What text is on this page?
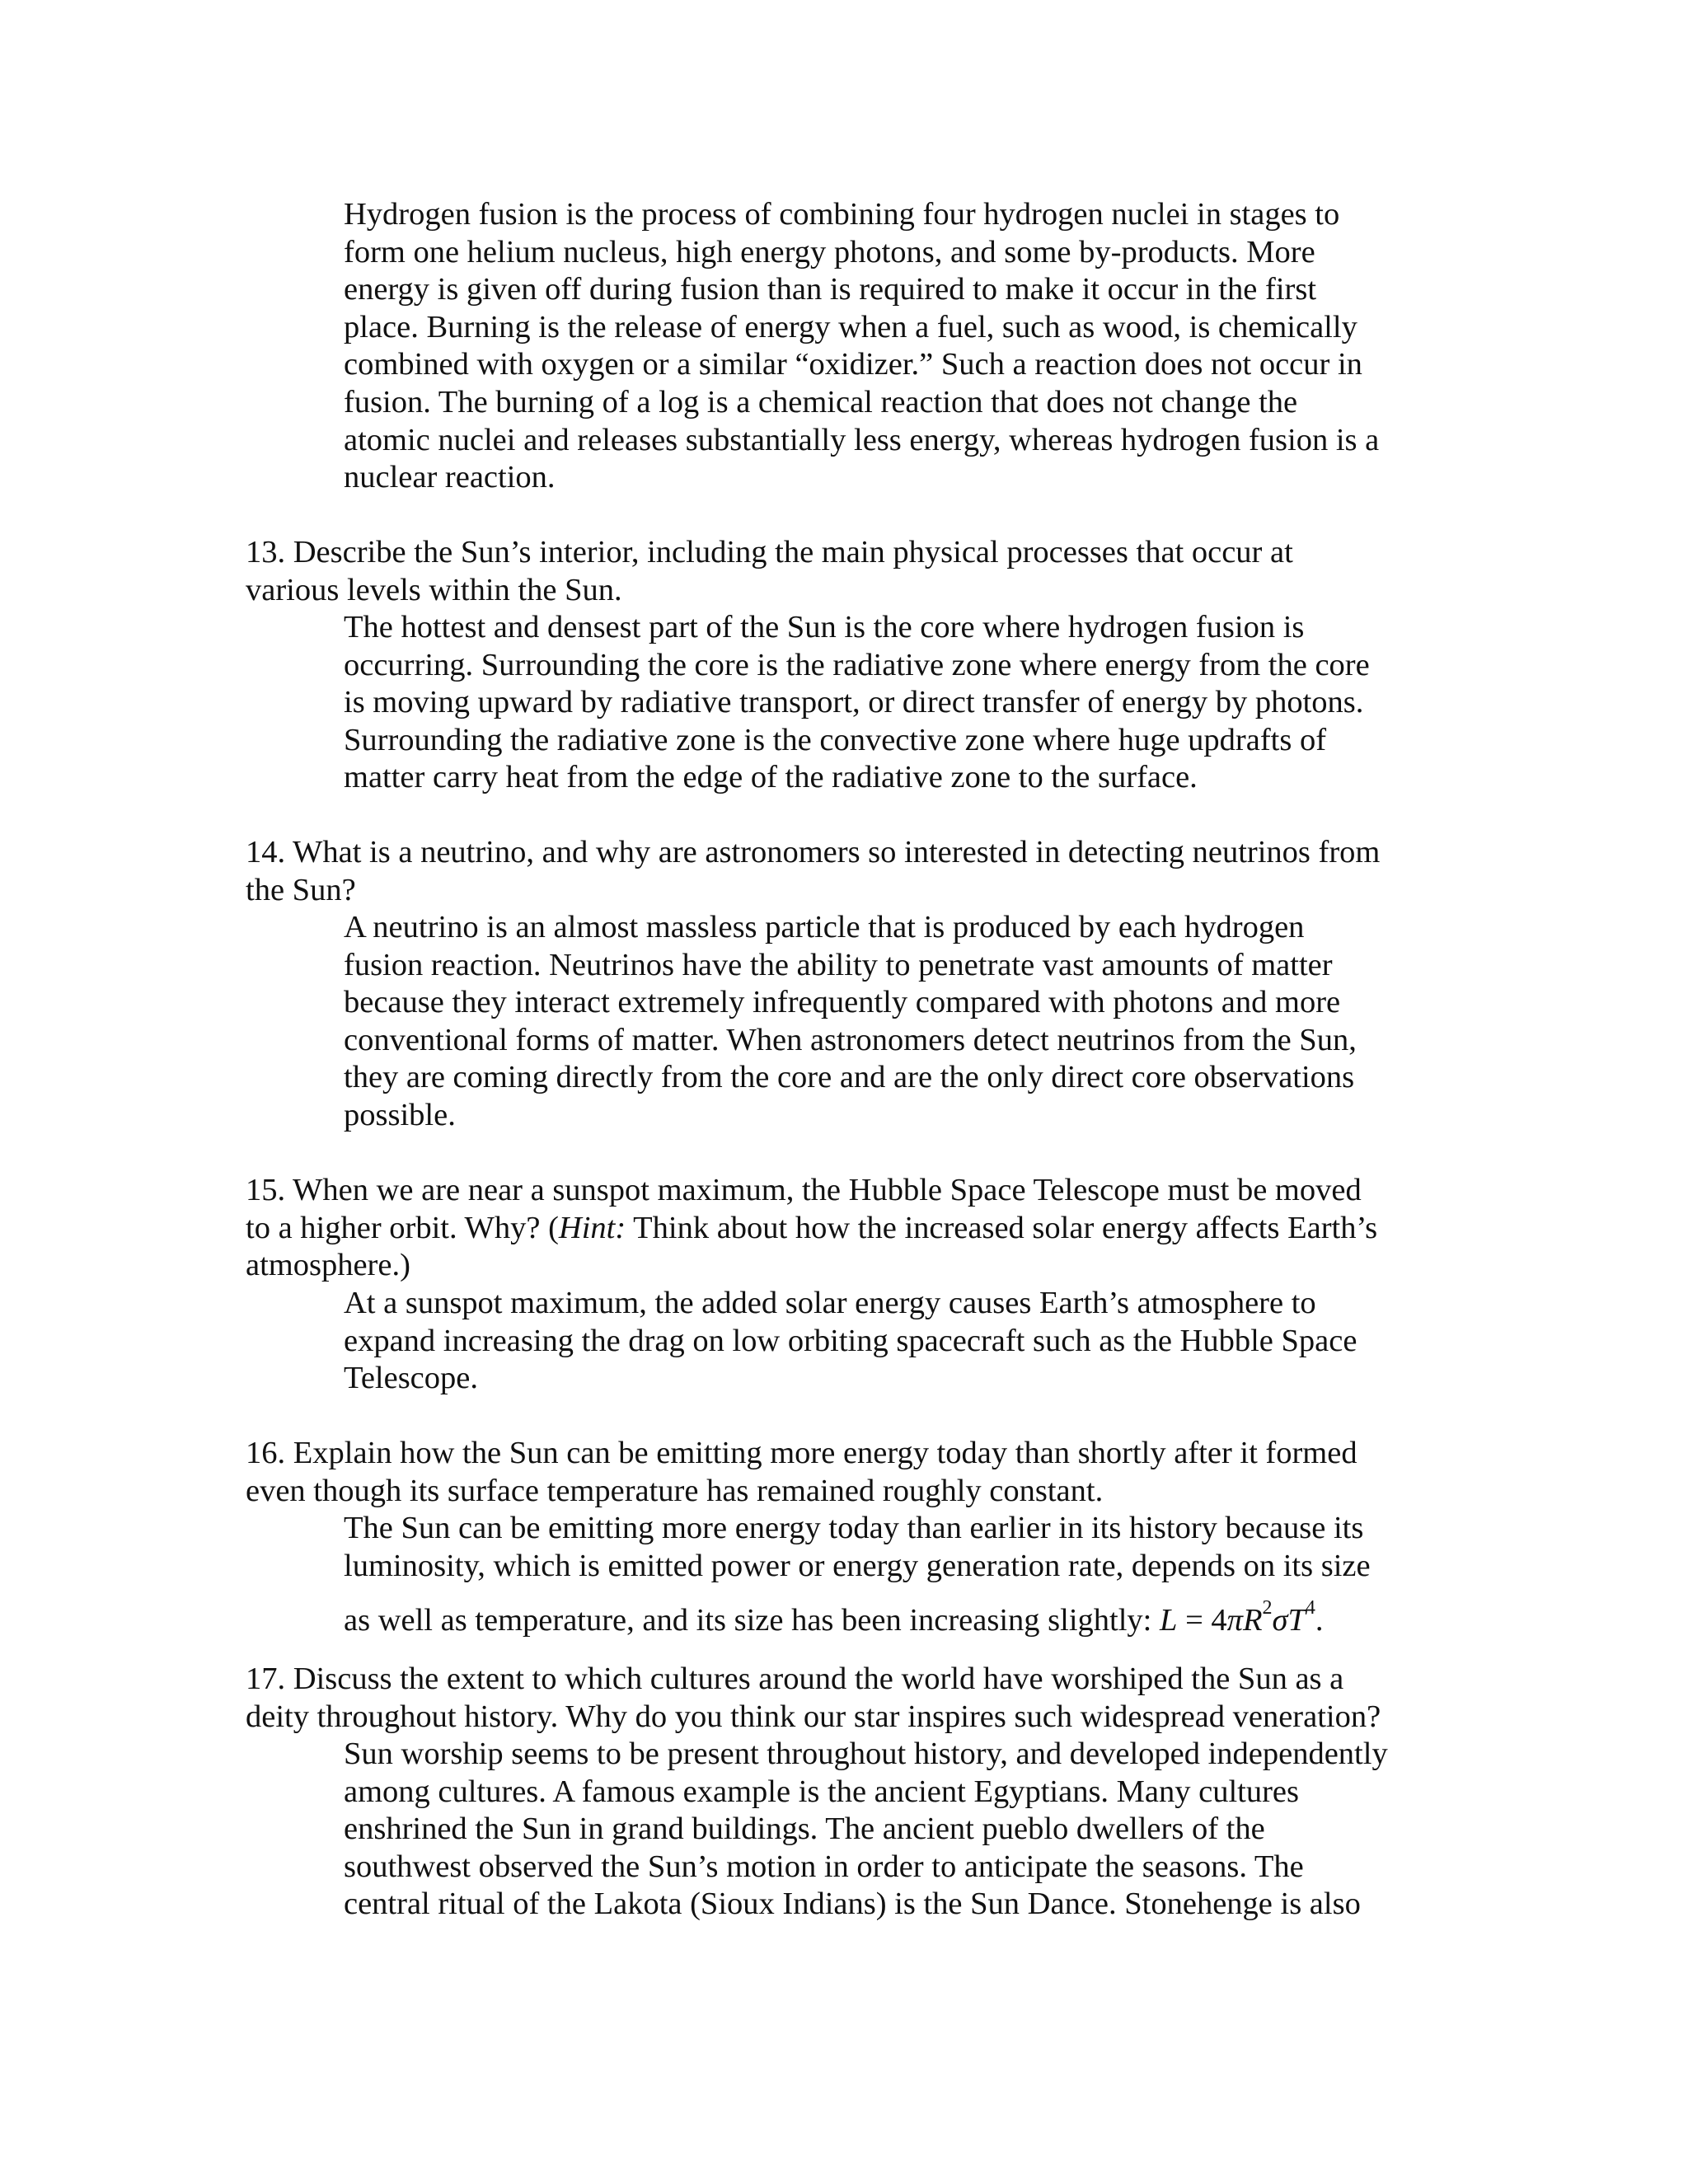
Hydrogen fusion is the process of combining four hydrogen nuclei in stages to
form one helium nucleus, high energy photons, and some by-products. More
energy is given off during fusion than is required to make it occur in the first
place. Burning is the release of energy when a fuel, such as wood, is chemically
combined with oxygen or a similar “oxidizer.” Such a reaction does not occur in
fusion. The burning of a log is a chemical reaction that does not change the
atomic nuclei and releases substantially less energy, whereas hydrogen fusion is a
nuclear reaction.

13. Describe the Sun’s interior, including the main physical processes that occur at
various levels within the Sun.

The hottest and densest part of the Sun is the core where hydrogen fusion is
occurring. Surrounding the core is the radiative zone where energy from the core
is moving upward by radiative transport, or direct transfer of energy by photons.
Surrounding the radiative zone is the convective zone where huge updrafts of
matter carry heat from the edge of the radiative zone to the surface.

14. What is a neutrino, and why are astronomers so interested in detecting neutrinos from
the Sun?

A neutrino is an almost massless particle that is produced by each hydrogen
fusion reaction. Neutrinos have the ability to penetrate vast amounts of matter
because they interact extremely infrequently compared with photons and more
conventional forms of matter. When astronomers detect neutrinos from the Sun,
they are coming directly from the core and are the only direct core observations
possible.

15. When we are near a sunspot maximum, the Hubble Space Telescope must be moved
to a higher orbit. Why? (Hint: Think about how the increased solar energy affects Earth’s
atmosphere.)

At a sunspot maximum, the added solar energy causes Earth’s atmosphere to
expand increasing the drag on low orbiting spacecraft such as the Hubble Space
Telescope.

16. Explain how the Sun can be emitting more energy today than shortly after it formed
even though its surface temperature has remained roughly constant.

The Sun can be emitting more energy today than earlier in its history because its
luminosity, which is emitted power or energy generation rate, depends on its size
as well as temperature, and its size has been increasing slightly: $L = 4\pi R^2\sigma T^4$.

17. Discuss the extent to which cultures around the world have worshiped the Sun as a
deity throughout history. Why do you think our star inspires such widespread veneration?

Sun worship seems to be present throughout history, and developed independently
among cultures. A famous example is the ancient Egyptians. Many cultures
enshrined the Sun in grand buildings. The ancient pueblo dwellers of the
southwest observed the Sun’s motion in order to anticipate the seasons. The
central ritual of the Lakota (Sioux Indians) is the Sun Dance. Stonehenge is also
